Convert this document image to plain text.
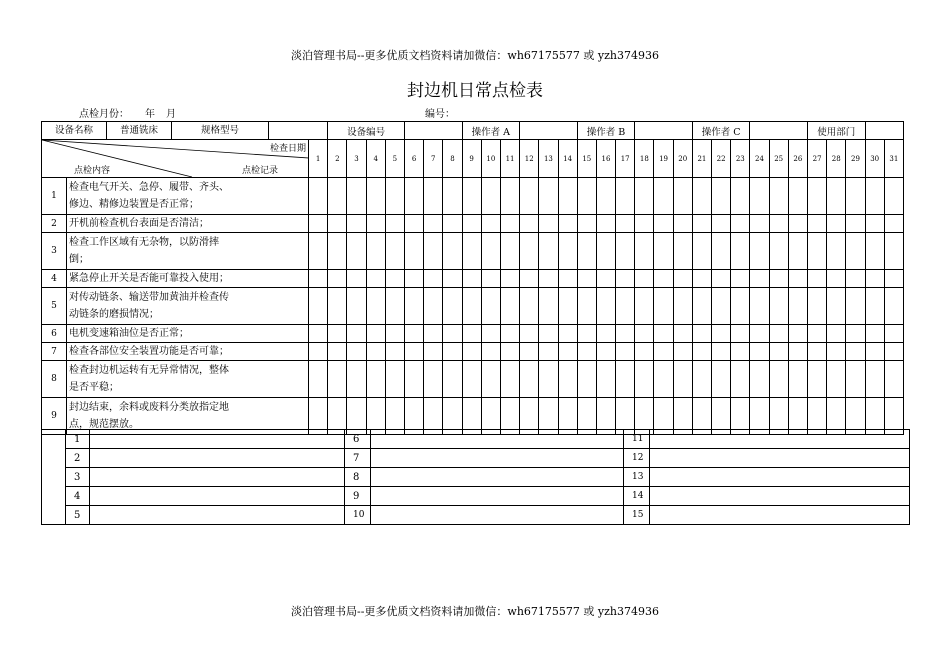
淡泊管理书局--更多优质文档资料请加微信：wh67175577 或 yzh374936
封边机日常点检表
点检月份： 年 月	编号：
设备名称 普通铣床 规格型号				设备编号							操作者 A						操作者 B						操作者 C						使用部门				

检查日期
点检内容 点检记录			1	2	3	4	5	6	7	8	9	10	11	12	13	14	15	16	17	18	19	20	21	22	23	24	25	26	27	28	29	30	31
1	检查电气开关、急停、履带、齐头、
修边、精修边装置是否正常；																																

2	开机前检查机台表面是否清洁；																																

3	检查工作区域有无杂物，以防滑摔
倒；																																

4	紧急停止开关是否能可靠投入使用；																																

5	对传动链条、输送带加黄油并检查传
动链条的磨损情况；																																

6	电机变速箱油位是否正常；																																

7	检查各部位安全装置功能是否可靠；																																

8	检查封边机运转有无异常情况，整体
是否平稳；																																

9	封边结束，余料或废料分类放指定地
点，规范摆放。																																

	1		6		11	
	2		7		12	
	3		8		13	
	4		9		14	
	5		10		15	
淡泊管理书局--更多优质文档资料请加微信：wh67175577 或 yzh374936
